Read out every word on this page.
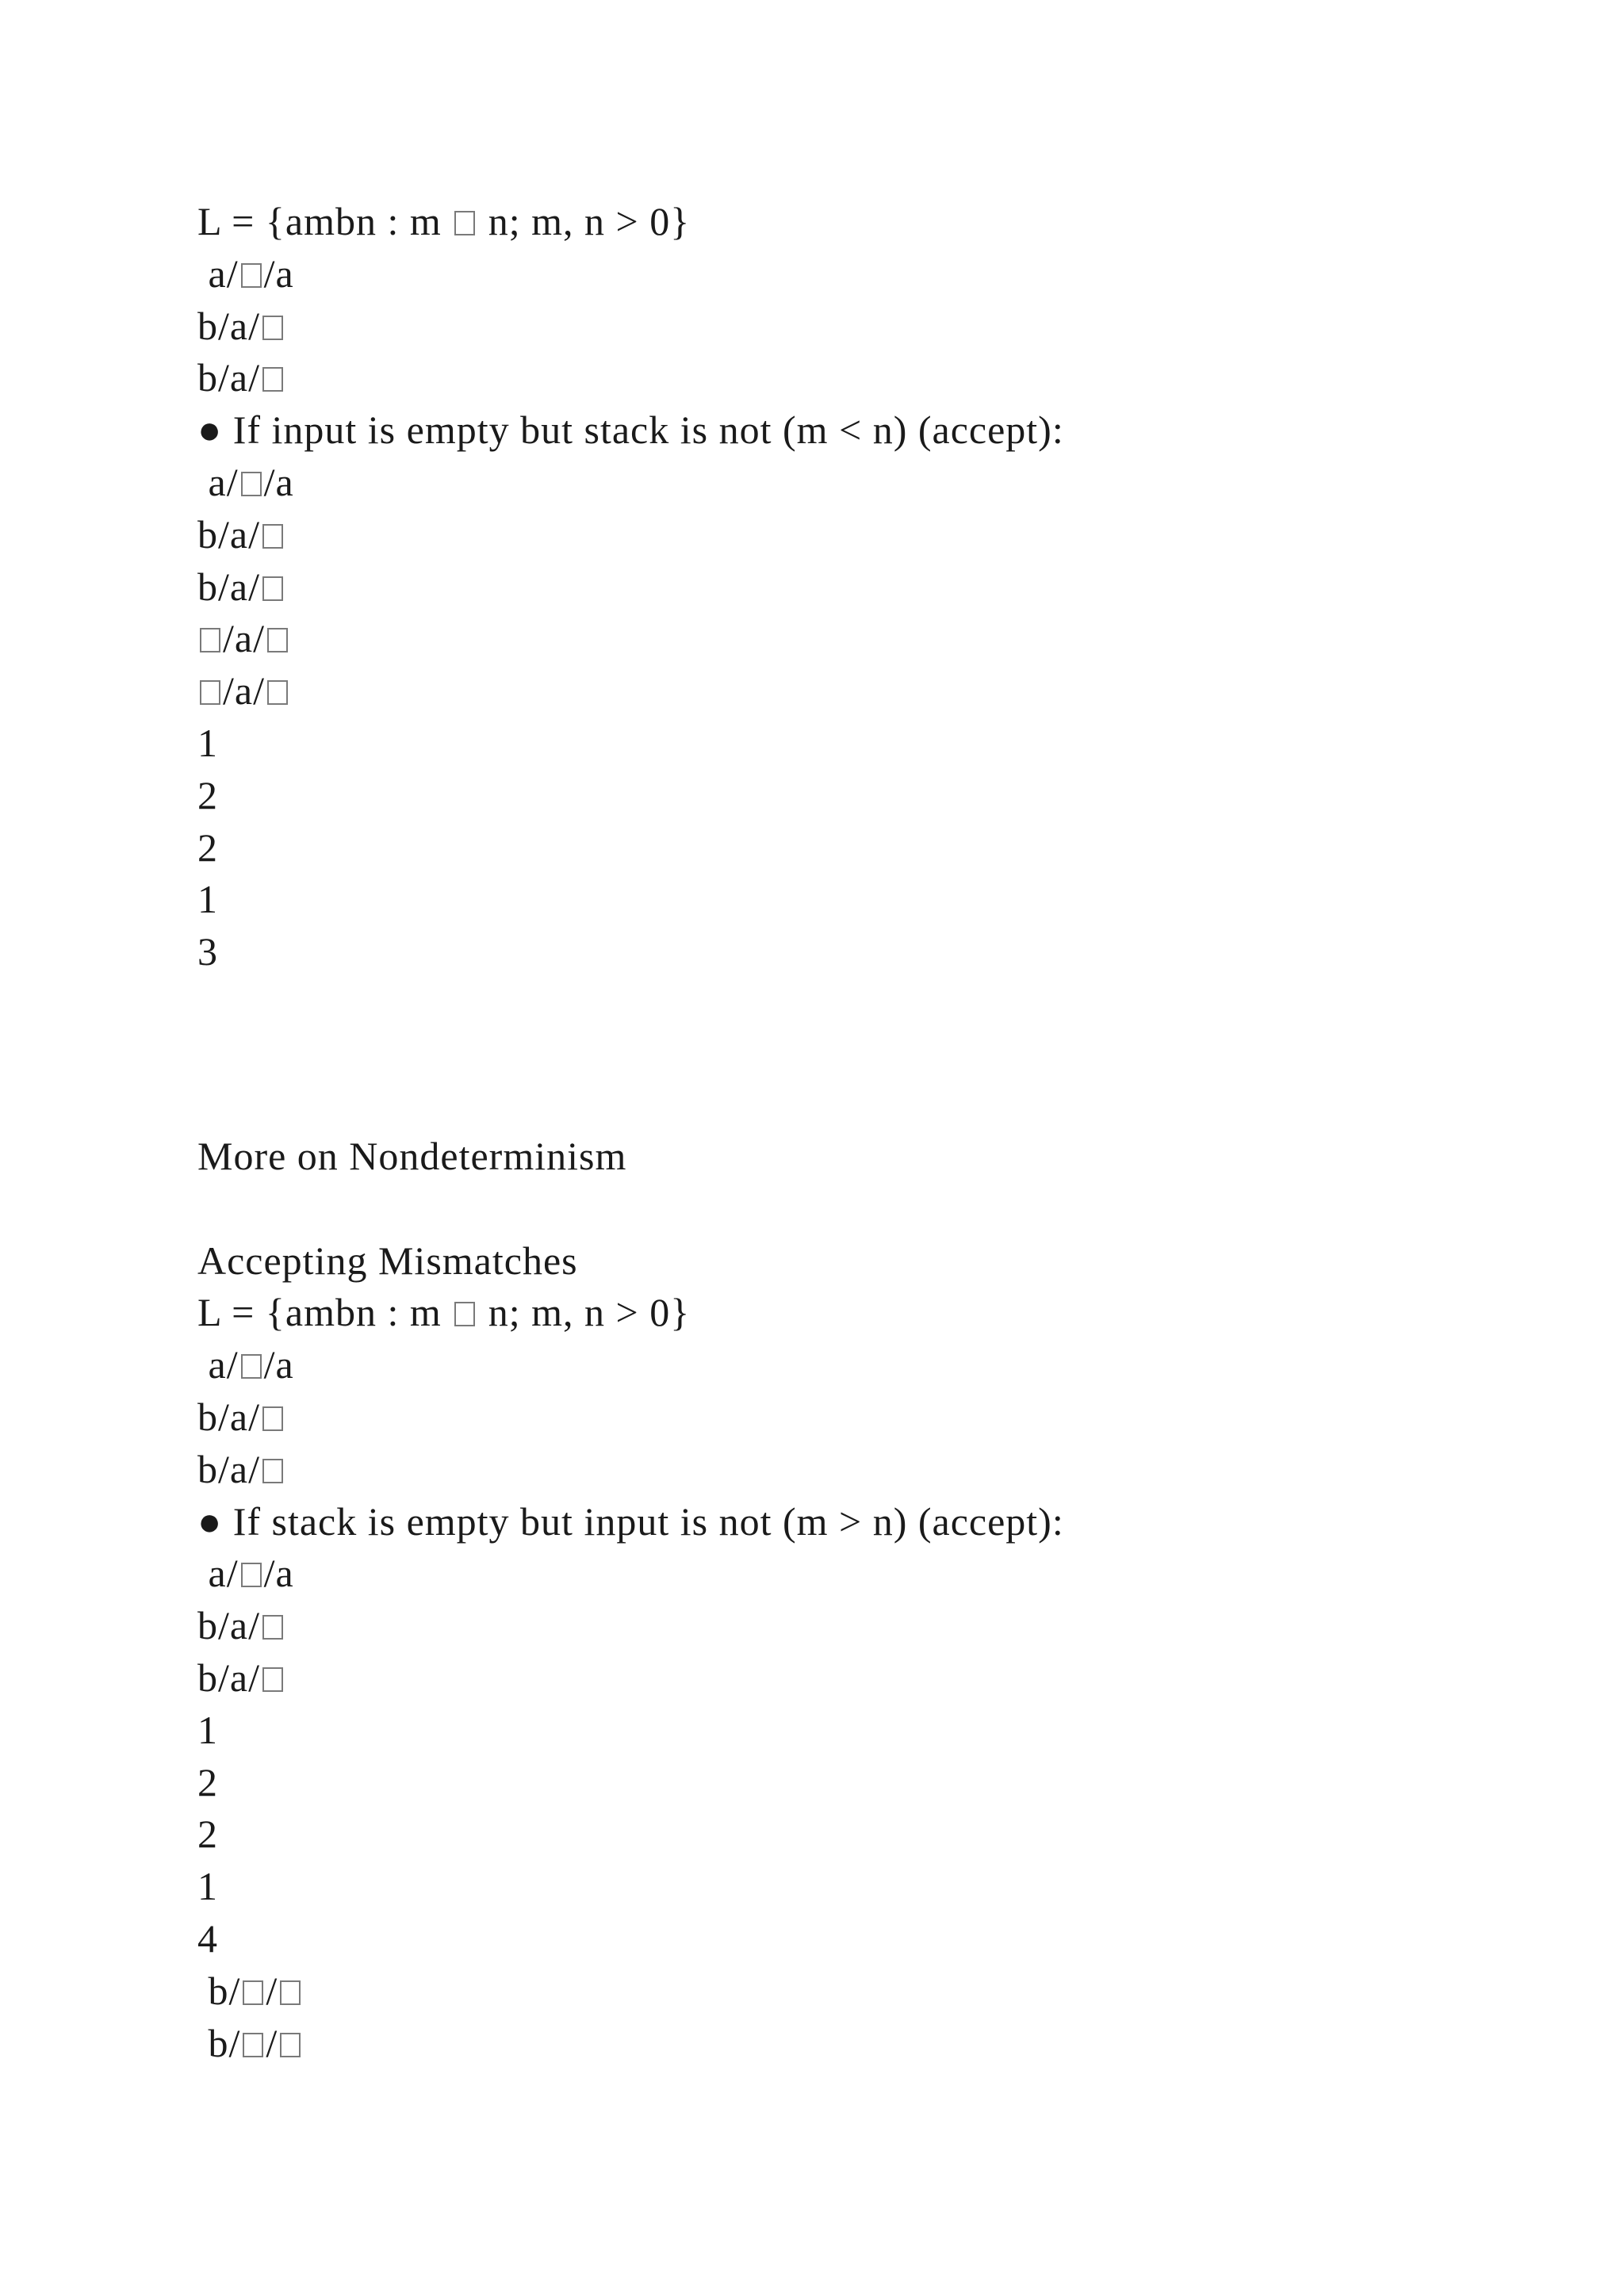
L = {ambn : m  n; m, n > 0}
a/ /a
b/a/
b/a/
● If input is empty but stack is not (m < n) (accept):
a/ /a
b/a/
b/a/
/a/
/a/
1
2
2
1
3
More on Nondeterminism
Accepting Mismatches
L = {ambn : m  n; m, n > 0}
a/ /a
b/a/
b/a/
● If stack is empty but input is not (m > n) (accept):
a/ /a
b/a/
b/a/
1
2
2
1
4
b/ /
b/ /
